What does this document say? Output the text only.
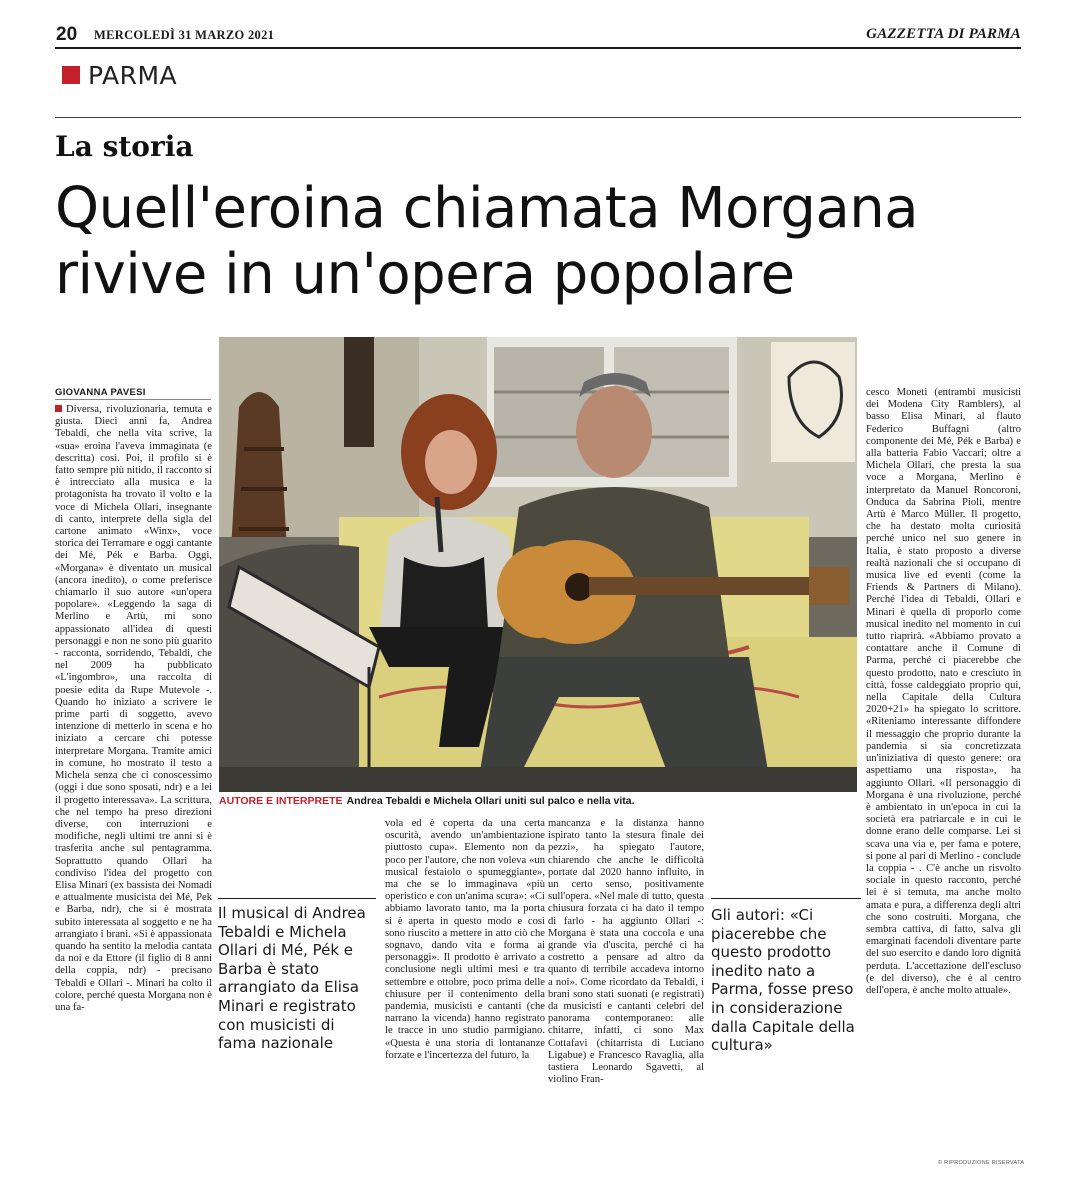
20 MERCOLEDÌ 31 MARZO 2021	GAZZETTA DI PARMA
PARMA
La storia
Quell'eroina chiamata Morgana rivive in un'opera popolare
GIOVANNA PAVESI

Diversa, rivoluzionaria, temuta e giusta. Dieci anni fa, Andrea Tebaldi, che nella vita scrive, la «sua» eroina l'aveva immaginata (e descritta) così. Poi, il profilo si è fatto sempre più nitido, il racconto si è intrecciato alla musica e la protagonista ha trovato il volto e la voce di Michela Ollari, insegnante di canto, interprete della sigla del cartone animato «Winx», voce storica dei Terramare e oggi cantante dei Mé, Pék e Barba. Oggi, «Morgana» è diventato un musical (ancora inedito), o come preferisce chiamarlo il suo autore «un'opera popolare». «Leggendo la saga di Merlino e Artù, mi sono appassionato all'idea di questi personaggi e non ne sono più guarito - racconta, sorridendo, Tebaldi, che nel 2009 ha pubblicato «L'ingombro», una raccolta di poesie edita da Rupe Mutevole -. Quando ho iniziato a scrivere le prime parti di soggetto, avevo intenzione di metterlo in scena e ho iniziato a cercare chi potesse interpretare Morgana. Tramite amici in comune, ho mostrato il testo a Michela senza che ci conoscessimo (oggi i due sono sposati, ndr) e a lei il progetto interessava». La scrittura, che nel tempo ha preso direzioni diverse, con interruzioni e modifiche, negli ultimi tre anni si è trasferita anche sul pentagramma. Soprattutto quando Ollari ha condiviso l'idea del progetto con Elisa Minari (ex bassista dei Nomadi e attualmente musicista dei Mé, Pek e Barba, ndr), che si è mostrata subito interessata al soggetto e ne ha arrangiato i brani. «Si è appassionata quando ha sentito la melodia cantata da noi e da Ettore (il figlio di 8 anni della coppia, ndr) - precisano Tebaldi e Ollari -. Minari ha colto il colore, perché questa Morgana non è una fa-

AUTORE E INTERPRETE Andrea Tebaldi e Michela Ollari uniti sul palco e nella vita.
Il musical di Andrea Tebaldi e Michela Ollari di Mé, Pék e Barba è stato arrangiato da Elisa Minari e registrato con musicisti di fama nazionale
vola ed è coperta da una certa oscurità, avendo un'ambientazione piuttosto cupa». Elemento non da poco per l'autore, che non voleva «un musical festaiolo o spumeggiante», ma che se lo immaginava «più operistico e con un'anima scura»: «Ci abbiamo lavorato tanto, ma la porta si è aperta in questo modo e così sono riuscito a mettere in atto ciò che sognavo, dando vita e forma ai personaggi». Il prodotto è arrivato a conclusione negli ultimi mesi e tra settembre e ottobre, poco prima delle chiusure per il contenimento della pandemia, musicisti e cantanti (che narrano la vicenda) hanno registrato le tracce in uno studio parmigiano. «Questa è una storia di lontananze forzate e l'incertezza del futuro, la
mancanza e la distanza hanno ispirato tanto la stesura finale dei pezzi», ha spiegato l'autore, chiarendo che anche le difficoltà portate dal 2020 hanno influito, in un certo senso, positivamente sull'opera. «Nel male di tutto, questa chiusura forzata ci ha dato il tempo di farlo - ha aggiunto Ollari -: Morgana è stata una coccola e una grande via d'uscita, perché ci ha costretto a pensare ad altro da quanto di terribile accadeva intorno a noi». Come ricordato da Tebaldi, i brani sono stati suonati (e registrati) da musicisti e cantanti celebri del panorama contemporaneo: alle chitarre, infatti, ci sono Max Cottafavi (chitarrista di Luciano Ligabue) e Francesco Ravaglia, alla tastiera Leonardo Sgavetti, al violino Fran-
Gli autori: «Ci piacerebbe che questo prodotto inedito nato a Parma, fosse preso in considerazione dalla Capitale della cultura»
cesco Moneti (entrambi musicisti dei Modena City Ramblers), al basso Elisa Minari, al flauto Federico Buffagni (altro componente dei Mé, Pék e Barba) e alla batteria Fabio Vaccari; oltre a Michela Ollari, che presta la sua voce a Morgana, Merlino è interpretato da Manuel Roncoroni, Onduca da Sabrina Pioli, mentre Artù è Marco Müller. Il progetto, che ha destato molta curiosità perché unico nel suo genere in Italia, è stato proposto a diverse realtà nazionali che si occupano di musica live ed eventi (come la Friends & Partners di Milano). Perché l'idea di Tebaldi, Ollari e Minari è quella di proporlo come musical inedito nel momento in cui tutto riaprirà. «Abbiamo provato a contattare anche il Comune di Parma, perché ci piacerebbe che questo prodotto, nato e cresciuto in città, fosse caldeggiato proprio qui, nella Capitale della Cultura 2020+21» ha spiegato lo scrittore. «Riteniamo interessante diffondere il messaggio che proprio durante la pandemia si sia concretizzata un'iniziativa di questo genere: ora aspettiamo una risposta», ha aggiunto Ollari. «Il personaggio di Morgana è una rivoluzione, perché è ambientato in un'epoca in cui la società era patriarcale e in cui le donne erano delle comparse. Lei si scava una via e, per fama e potere, si pone al pari di Merlino - conclude la coppia - . C'è anche un risvolto sociale in questo racconto, perché lei è sì temuta, ma anche molto amata e pura, a differenza degli altri che sono costruiti. Morgana, che sembra cattiva, di fatto, salva gli emarginati facendoli diventare parte del suo esercito e dando loro dignità perduta. L'accettazione dell'escluso (e del diverso), che è al centro dell'opera, è anche molto attuale».
© RIPRODUZIONE RISERVATA
